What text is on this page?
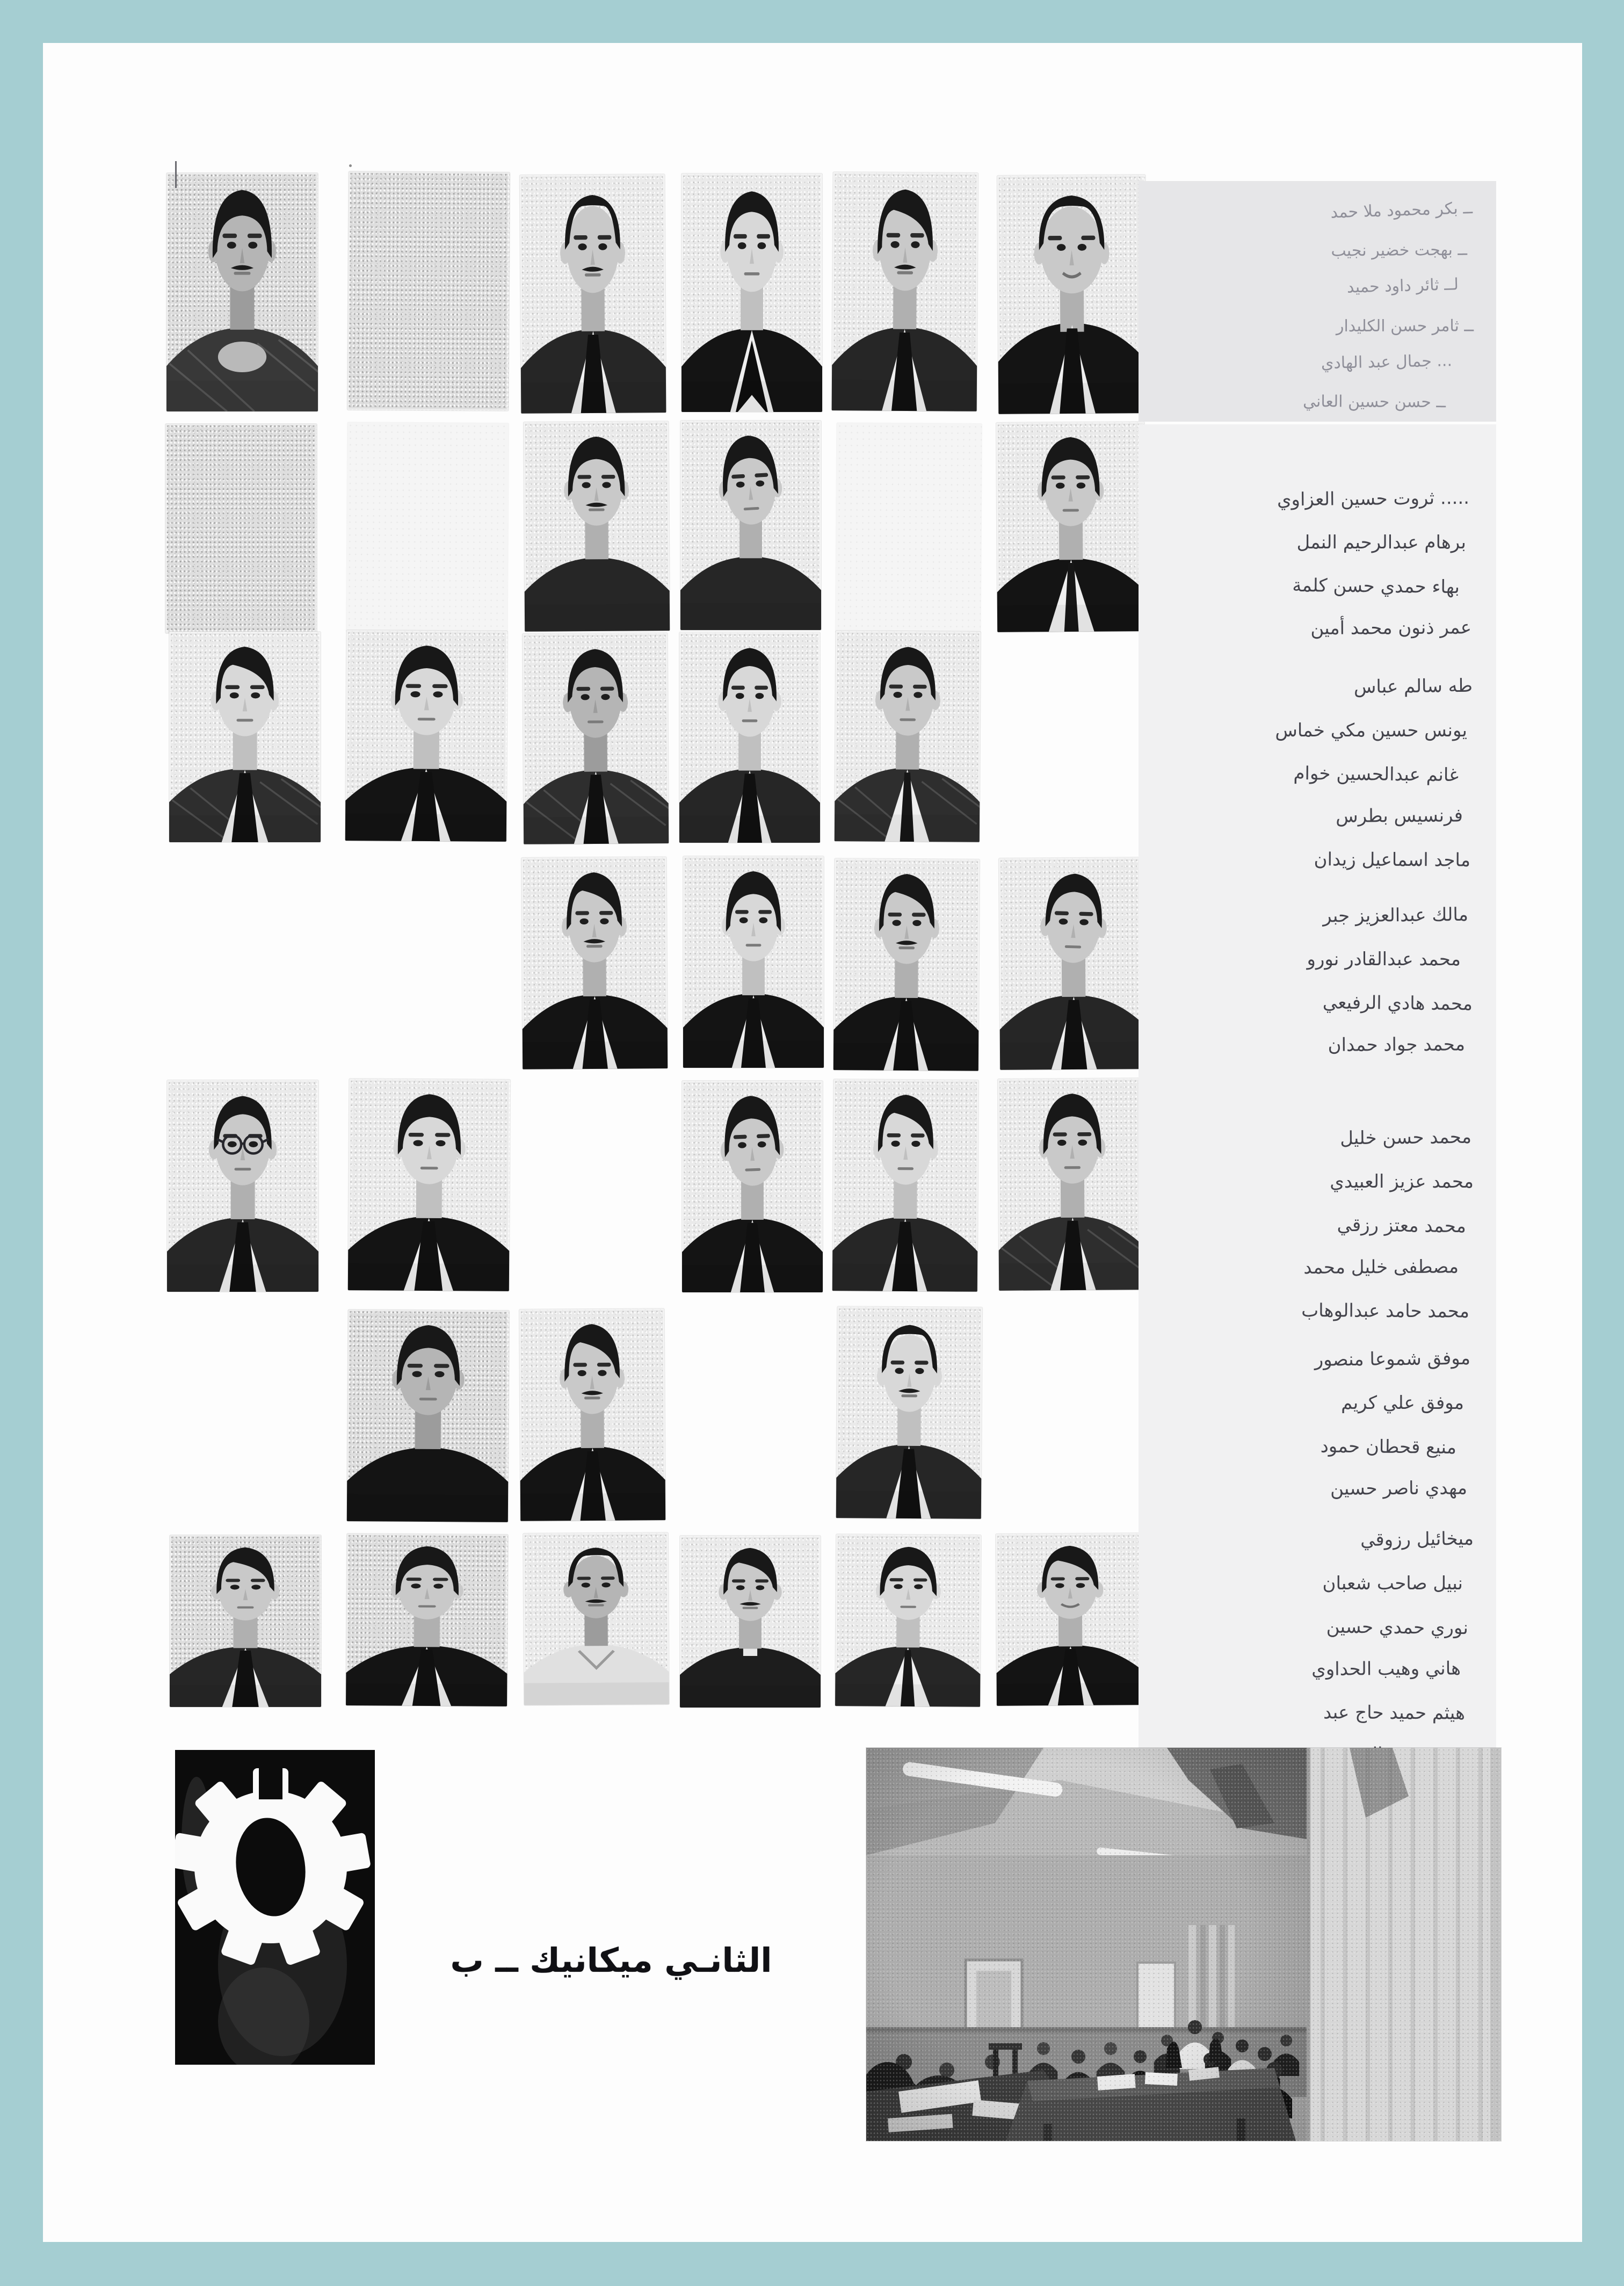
ــ بكر محمود ملا حمد
ــ بهجت خضير نجيب
لــ ثائر داود حميد
ــ ثامر حسن الكليدار
... جمال عبد الهادي
ــ حسن حسين العاني
..... ثروت حسين العزاوي
برهام عبدالرحيم النمل
بهاء حمدي حسن كلمة
عمر ذنون محمد أمين
طه سالم عباس
يونس حسين مكي خماس
غانم عبدالحسين خوام
فرنسيس بطرس
ماجد اسماعيل زيدان
مالك عبدالعزيز جبر
محمد عبدالقادر نورو
محمد هادي الرفيعي
محمد جواد حمدان
محمد حسن خليل
محمد عزيز العبيدي
محمد معتز رزقي
مصطفى خليل محمد
محمد حامد عبدالوهاب
موفق شموعا منصور
موفق علي كريم
منيع قحطان حمود
مهدي ناصر حسين
ميخائيل رزوقي
نبيل صاحب شعبان
نوري حمدي حسين
هاني وهيب الحداوي
هيثم حميد حاج عبد
الثانـي ميكانيك ــ ب
